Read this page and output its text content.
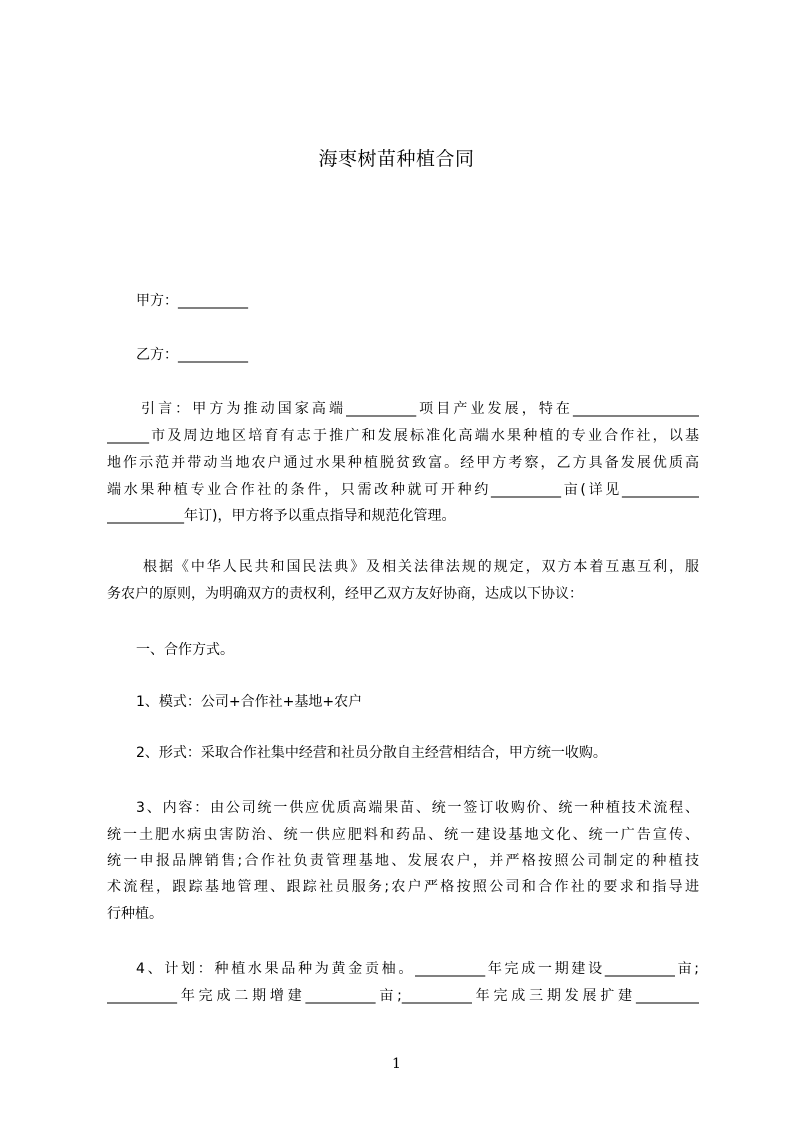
海枣树苗种植合同
甲方：__________
乙方：__________
引言：甲方为推动国家高端__________项目产业发展，特在__________________
______市及周边地区培育有志于推广和发展标准化高端水果种植的专业合作社，以基
地作示范并带动当地农户通过水果种植脱贫致富。经甲方考察，乙方具备发展优质高
端水果种植专业合作社的条件，只需改种就可开种约__________亩(详见___________
___________年订)，甲方将予以重点指导和规范化管理。
根据《中华人民共和国民法典》及相关法律法规的规定，双方本着互惠互利，服
务农户的原则，为明确双方的责权利，经甲乙双方友好协商，达成以下协议：
一、合作方式。
1、模式：公司+合作社+基地+农户
2、形式：采取合作社集中经营和社员分散自主经营相结合，甲方统一收购。
3、内容：由公司统一供应优质高端果苗、统一签订收购价、统一种植技术流程、
统一土肥水病虫害防治、统一供应肥料和药品、统一建设基地文化、统一广告宣传、
统一申报品牌销售;合作社负责管理基地、发展农户，并严格按照公司制定的种植技
术流程，跟踪基地管理、跟踪社员服务;农户严格按照公司和合作社的要求和指导进
行种植。
4、计划：种植水果品种为黄金贡柚。__________年完成一期建设__________亩;
__________年完成二期增建__________亩;__________年完成三期发展扩建_________
1
